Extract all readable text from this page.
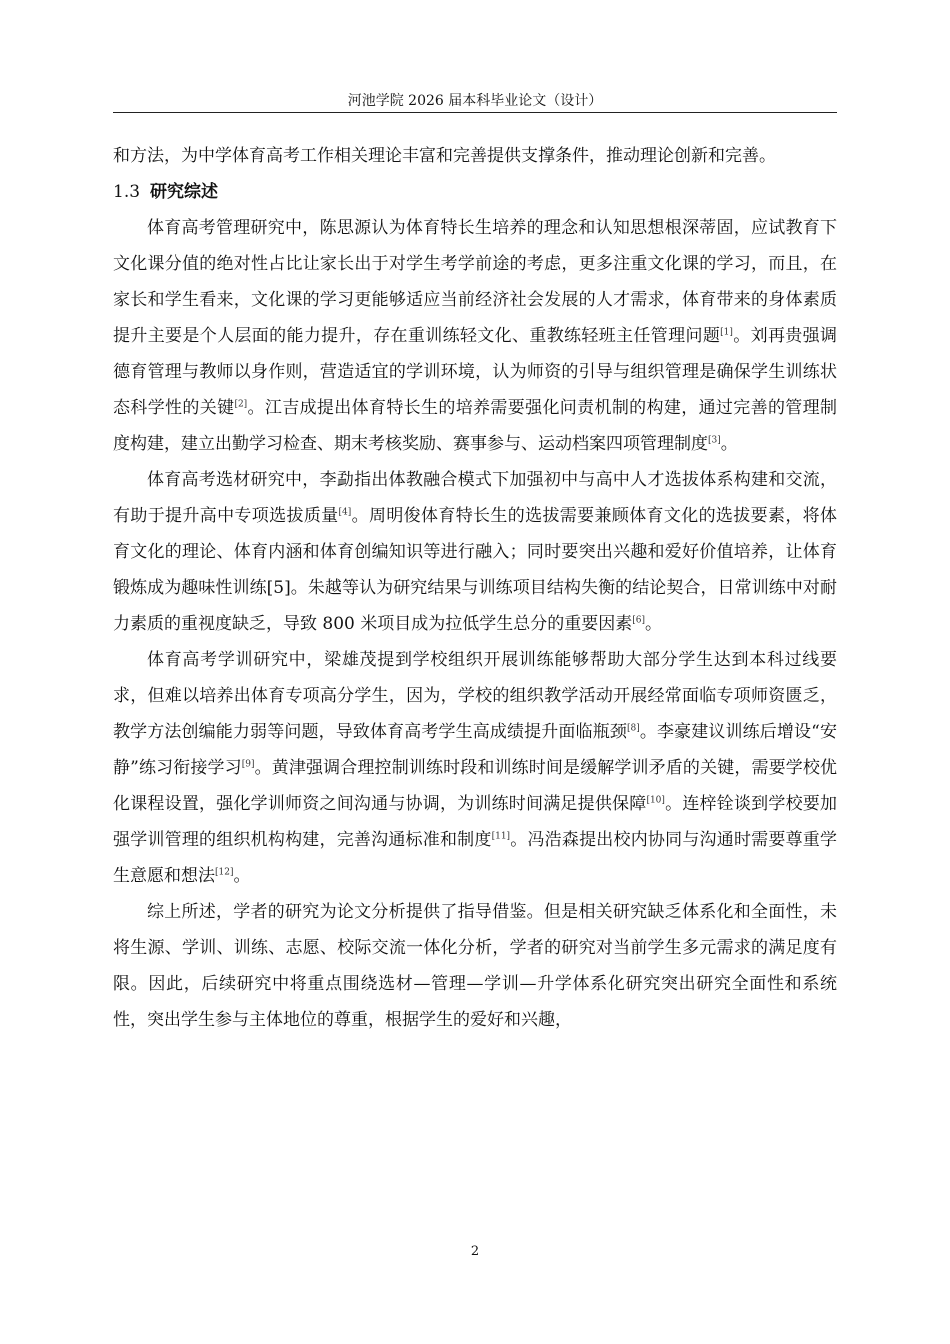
河池学院 2026 届本科毕业论文（设计）

和方法，为中学体育高考工作相关理论丰富和完善提供支撑条件，推动理论创新和完善。

1.3 研究综述

体育高考管理研究中，陈思源认为体育特长生培养的理念和认知思想根深蒂固，应试教育下文化课分值的绝对性占比让家长出于对学生考学前途的考虑，更多注重文化课的学习，而且，在家长和学生看来，文化课的学习更能够适应当前经济社会发展的人才需求，体育带来的身体素质提升主要是个人层面的能力提升，存在重训练轻文化、重教练轻班主任管理问题[1]。刘再贵强调德育管理与教师以身作则，营造适宜的学训环境，认为师资的引导与组织管理是确保学生训练状态科学性的关键[2]。江吉成提出体育特长生的培养需要强化问责机制的构建，通过完善的管理制度构建，建立出勤学习检查、期末考核奖励、赛事参与、运动档案四项管理制度[3]。

体育高考选材研究中，李勐指出体教融合模式下加强初中与高中人才选拔体系构建和交流，有助于提升高中专项选拔质量[4]。周明俊体育特长生的选拔需要兼顾体育文化的选拔要素，将体育文化的理论、体育内涵和体育创编知识等进行融入；同时要突出兴趣和爱好价值培养，让体育锻炼成为趣味性训练[5]。朱越等认为研究结果与训练项目结构失衡的结论契合，日常训练中对耐力素质的重视度缺乏，导致 800 米项目成为拉低学生总分的重要因素[6]。

体育高考学训研究中，梁雄茂提到学校组织开展训练能够帮助大部分学生达到本科过线要求，但难以培养出体育专项高分学生，因为，学校的组织教学活动开展经常面临专项师资匮乏，教学方法创编能力弱等问题，导致体育高考学生高成绩提升面临瓶颈[8]。李豪建议训练后增设“安静”练习衔接学习[9]。黄津强调合理控制训练时段和训练时间是缓解学训矛盾的关键，需要学校优化课程设置，强化学训师资之间沟通与协调，为训练时间满足提供保障[10]。连梓铨谈到学校要加强学训管理的组织机构构建，完善沟通标准和制度[11]。冯浩森提出校内协同与沟通时需要尊重学生意愿和想法[12]。

综上所述，学者的研究为论文分析提供了指导借鉴。但是相关研究缺乏体系化和全面性，未将生源、学训、训练、志愿、校际交流一体化分析，学者的研究对当前学生多元需求的满足度有限。因此，后续研究中将重点围绕选材—管理—学训—升学体系化研究突出研究全面性和系统性，突出学生参与主体地位的尊重，根据学生的爱好和兴趣，

2
